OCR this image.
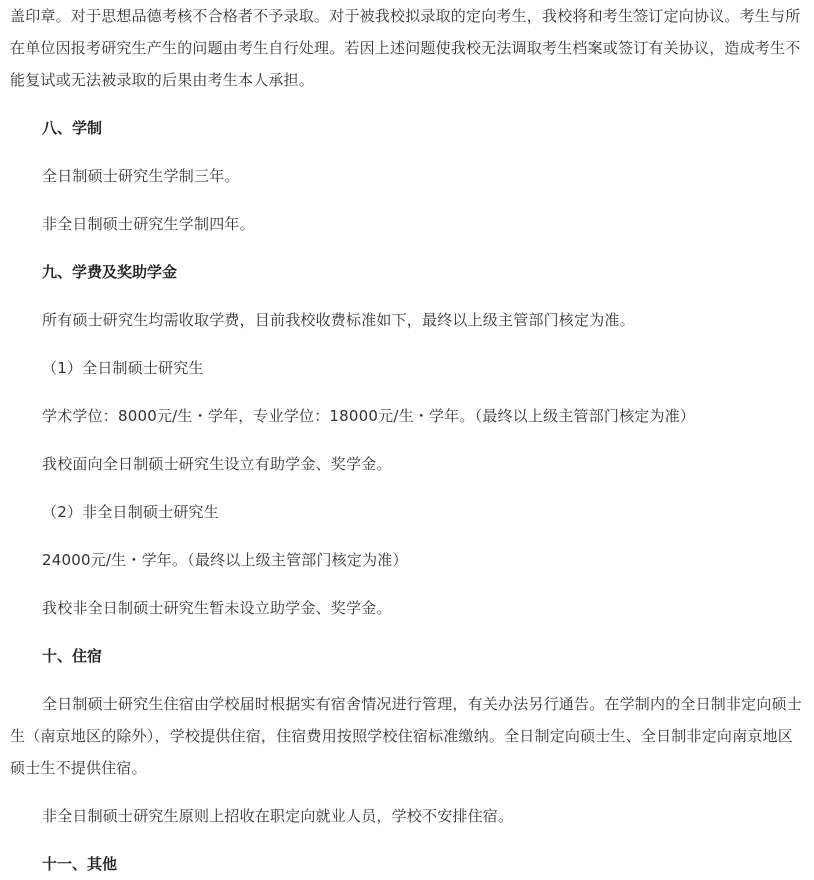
盖印章。对于思想品德考核不合格者不予录取。对于被我校拟录取的定向考生，我校将和考生签订定向协议。考生与所在单位因报考研究生产生的问题由考生自行处理。若因上述问题使我校无法调取考生档案或签订有关协议，造成考生不能复试或无法被录取的后果由考生本人承担。

八、学制

全日制硕士研究生学制三年。

非全日制硕士研究生学制四年。

九、学费及奖助学金

所有硕士研究生均需收取学费，目前我校收费标准如下，最终以上级主管部门核定为准。

（1）全日制硕士研究生

学术学位：8000元/生・学年，专业学位：18000元/生・学年。（最终以上级主管部门核定为准）

我校面向全日制硕士研究生设立有助学金、奖学金。

（2）非全日制硕士研究生

24000元/生・学年。（最终以上级主管部门核定为准）

我校非全日制硕士研究生暂未设立助学金、奖学金。

十、住宿

全日制硕士研究生住宿由学校届时根据实有宿舍情况进行管理，有关办法另行通告。在学制内的全日制非定向硕士生（南京地区的除外），学校提供住宿，住宿费用按照学校住宿标准缴纳。全日制定向硕士生、全日制非定向南京地区硕士生不提供住宿。

非全日制硕士研究生原则上招收在职定向就业人员，学校不安排住宿。

十一、其他
